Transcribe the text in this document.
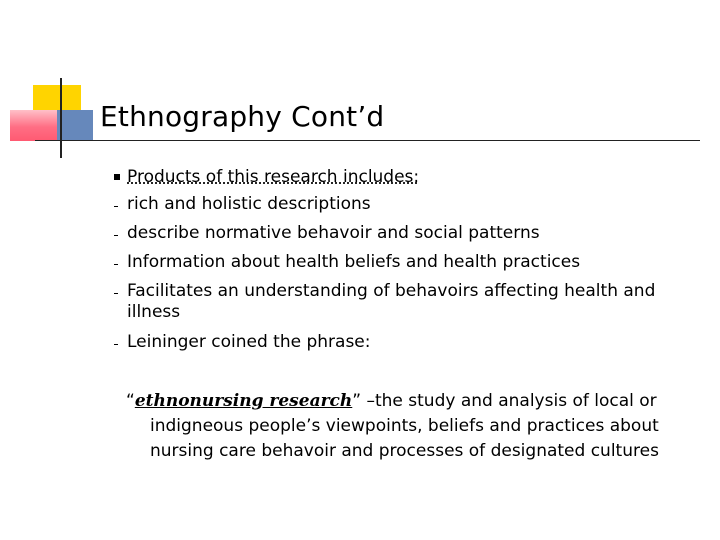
Ethnography Cont’d
Products of this research includes:
rich and holistic descriptions
describe normative behavoir and social patterns
Information about health beliefs and health practices
Facilitates an understanding of behavoirs affecting health and illness
Leininger coined the phrase:
“ethnonursing research” –the study and analysis of local or
indigneous people’s viewpoints, beliefs and practices about nursing care behavoir and processes of designated cultures
